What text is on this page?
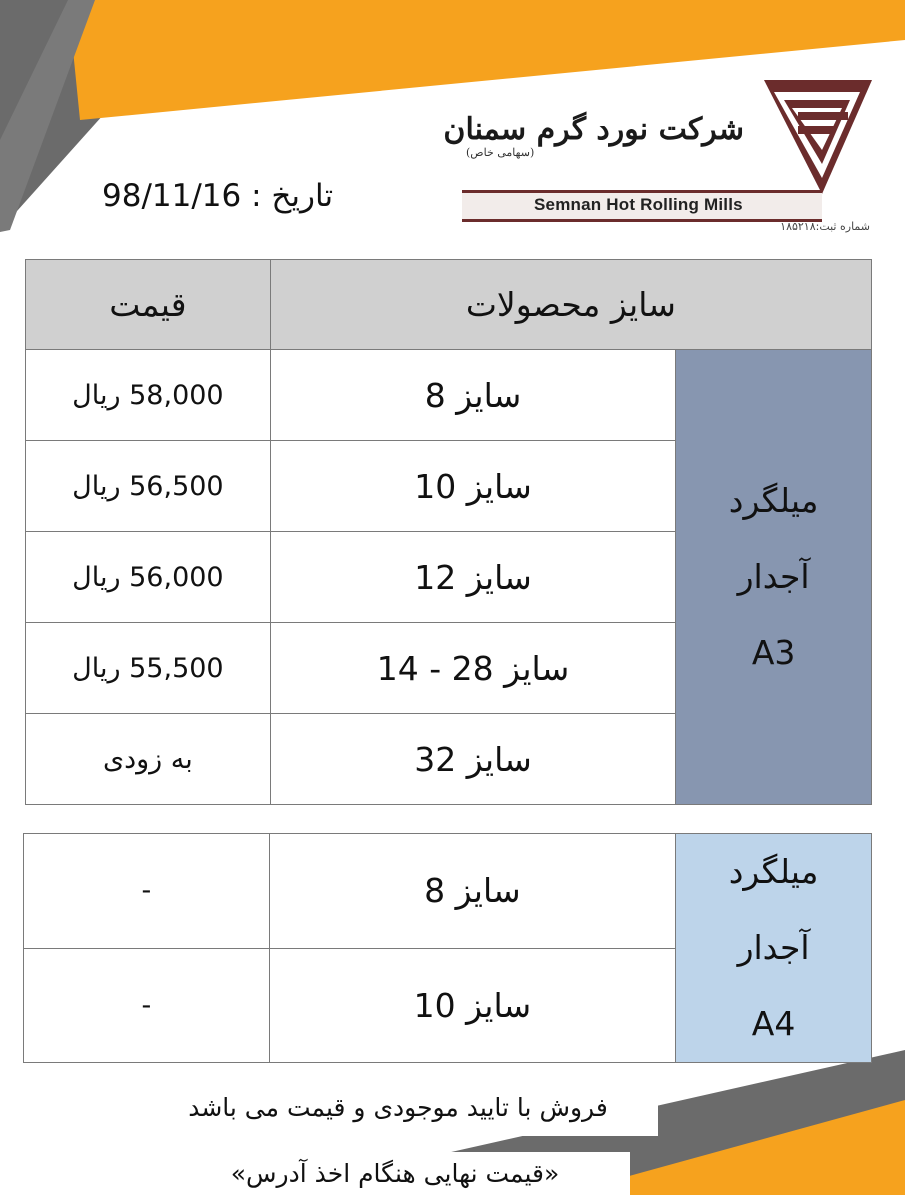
شرکت نورد گرم سمنان
(سهامی خاص)
Semnan Hot Rolling Mills
شماره ثبت:۱۸۵۲۱۸
تاریخ : 98/11/16
قیمت	سایز محصولات	
58,000 ریال	سایز 8	میلگرد
آجدار
A3

56,500 ریال	سایز 10	
56,000 ریال	سایز 12	
55,500 ریال	سایز 28 - 14	
به زودی	سایز 32	
-	سایز 8	میلگرد
آجدار
A4

-	سایز 10	
فروش با تایید موجودی و قیمت می باشد
«قیمت نهایی هنگام اخذ آدرس»
